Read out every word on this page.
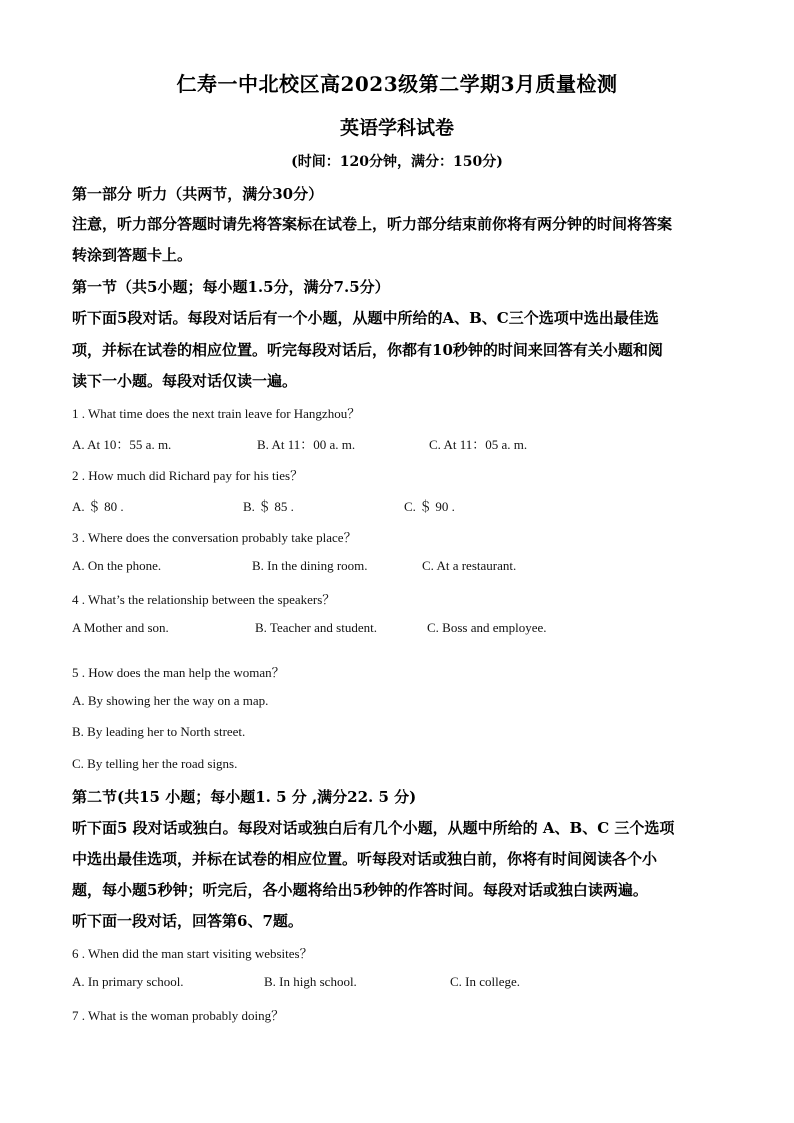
仁寿一中北校区高2023级第二学期3月质量检测
英语学科试卷
(时间：120分钟，满分：150分)
第一部分 听力（共两节，满分30分）
注意，听力部分答题时请先将答案标在试卷上，听力部分结束前你将有两分钟的时间将答案
转涂到答题卡上。
第一节（共5小题；每小题1.5分，满分7.5分）
听下面5段对话。每段对话后有一个小题，从题中所给的A、B、C三个选项中选出最佳选
项，并标在试卷的相应位置。听完每段对话后，你都有10秒钟的时间来回答有关小题和阅
读下一小题。每段对话仅读一遍。
1 . What time does the next train leave for Hangzhou？
A. At 10：55 a. m.	B. At 11：00 a. m.	C. At 11：05 a. m.
2 . How much did Richard pay for his ties？
A. ＄ 80 .	B. ＄ 85 .	C. ＄ 90 .
3 . Where does the conversation probably take place？
A. On the phone.	B. In the dining room.	C. At a restaurant.
4 . What’s the relationship between the speakers？
A Mother and son.	B. Teacher and student.	C. Boss and employee.
5 . How does the man help the woman？
A. By showing her the way on a map.
B. By leading her to North street.
C. By telling her the road signs.
第二节(共15 小题；每小题1. 5 分 ,满分22. 5 分)
听下面5 段对话或独白。每段对话或独白后有几个小题，从题中所给的 A、B、C 三个选项
中选出最佳选项，并标在试卷的相应位置。听每段对话或独白前，你将有时间阅读各个小
题，每小题5秒钟；听完后，各小题将给出5秒钟的作答时间。每段对话或独白读两遍。
听下面一段对话，回答第6、7题。
6 . When did the man start visiting websites？
A. In primary school.	B. In high school.	C. In college.
7 . What is the woman probably doing？
